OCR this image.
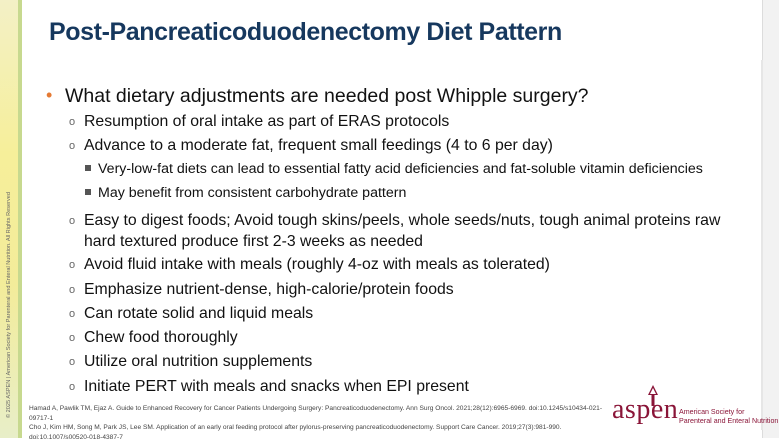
© 2025 ASPEN | American Society for Parenteral and Enteral Nutrition. All Rights Reserved
Post-Pancreaticoduodenectomy Diet Pattern
• What dietary adjustments are needed post Whipple surgery?
o Resumption of oral intake as part of ERAS protocols
o Advance to a moderate fat, frequent small feedings (4 to 6 per day)
Very-low-fat diets can lead to essential fatty acid deficiencies and fat-soluble vitamin deficiencies
May benefit from consistent carbohydrate pattern
o Easy to digest foods; Avoid tough skins/peels, whole seeds/nuts, tough animal proteins raw
hard textured produce first 2-3 weeks as needed
o Avoid fluid intake with meals (roughly 4-oz with meals as tolerated)
o Emphasize nutrient-dense, high-calorie/protein foods
o Can rotate solid and liquid meals
o Chew food thoroughly
o Utilize oral nutrition supplements
o Initiate PERT with meals and snacks when EPI present
Hamad A, Pawlik TM, Ejaz A. Guide to Enhanced Recovery for Cancer Patients Undergoing Surgery: Pancreaticoduodenectomy. Ann Surg Oncol. 2021;28(12):6965-6969. doi:10.1245/s10434-021-09717-1
Cho J, Kim HM, Song M, Park JS, Lee SM. Application of an early oral feeding protocol after pylorus-preserving pancreaticoduodenectomy. Support Care Cancer. 2019;27(3):981-990. doi:10.1007/s00520-018-4387-7
aspen American Society for
Parenteral and Enteral Nutrition
